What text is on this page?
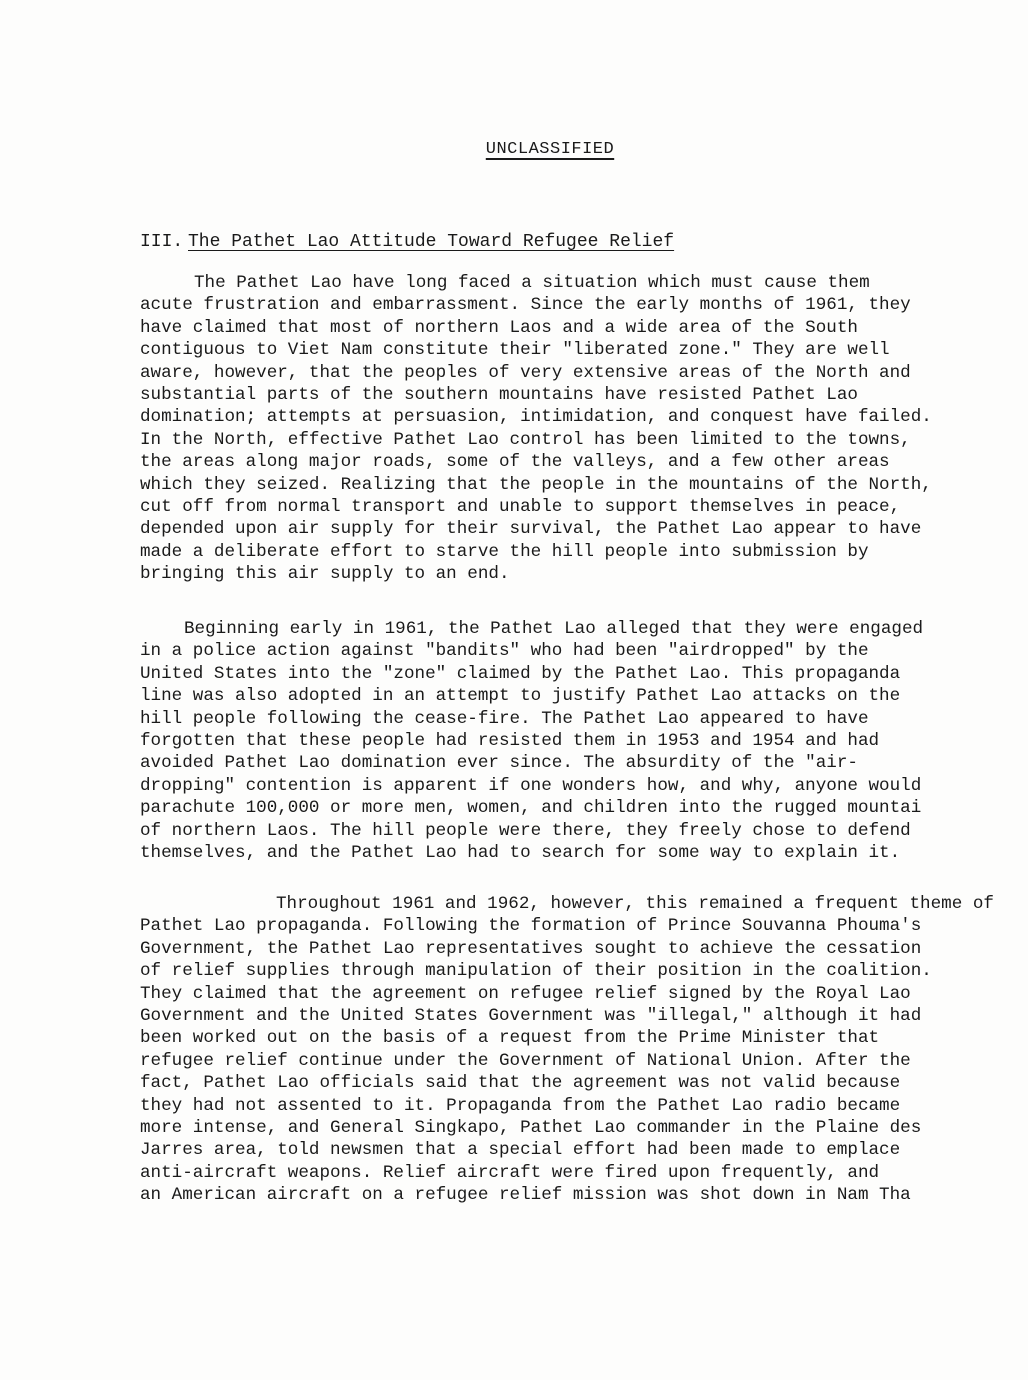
UNCLASSIFIED
III. The Pathet Lao Attitude Toward Refugee Relief
The Pathet Lao have long faced a situation which must cause them
acute frustration and embarrassment. Since the early months of 1961, they
have claimed that most of northern Laos and a wide area of the South
contiguous to Viet Nam constitute their "liberated zone." They are well
aware, however, that the peoples of very extensive areas of the North and
substantial parts of the southern mountains have resisted Pathet Lao
domination; attempts at persuasion, intimidation, and conquest have failed.
In the North, effective Pathet Lao control has been limited to the towns,
the areas along major roads, some of the valleys, and a few other areas
which they seized. Realizing that the people in the mountains of the North,
cut off from normal transport and unable to support themselves in peace,
depended upon air supply for their survival, the Pathet Lao appear to have
made a deliberate effort to starve the hill people into submission by
bringing this air supply to an end.
Beginning early in 1961, the Pathet Lao alleged that they were engaged
in a police action against "bandits" who had been "airdropped" by the
United States into the "zone" claimed by the Pathet Lao. This propaganda
line was also adopted in an attempt to justify Pathet Lao attacks on the
hill people following the cease-fire. The Pathet Lao appeared to have
forgotten that these people had resisted them in 1953 and 1954 and had
avoided Pathet Lao domination ever since. The absurdity of the "air-
dropping" contention is apparent if one wonders how, and why, anyone would
parachute 100,000 or more men, women, and children into the rugged mountai
of northern Laos. The hill people were there, they freely chose to defend
themselves, and the Pathet Lao had to search for some way to explain it.
Throughout 1961 and 1962, however, this remained a frequent theme of
Pathet Lao propaganda. Following the formation of Prince Souvanna Phouma's
Government, the Pathet Lao representatives sought to achieve the cessation
of relief supplies through manipulation of their position in the coalition.
They claimed that the agreement on refugee relief signed by the Royal Lao
Government and the United States Government was "illegal," although it had
been worked out on the basis of a request from the Prime Minister that
refugee relief continue under the Government of National Union. After the
fact, Pathet Lao officials said that the agreement was not valid because
they had not assented to it. Propaganda from the Pathet Lao radio became
more intense, and General Singkapo, Pathet Lao commander in the Plaine des
Jarres area, told newsmen that a special effort had been made to emplace
anti-aircraft weapons. Relief aircraft were fired upon frequently, and
an American aircraft on a refugee relief mission was shot down in Nam Tha
